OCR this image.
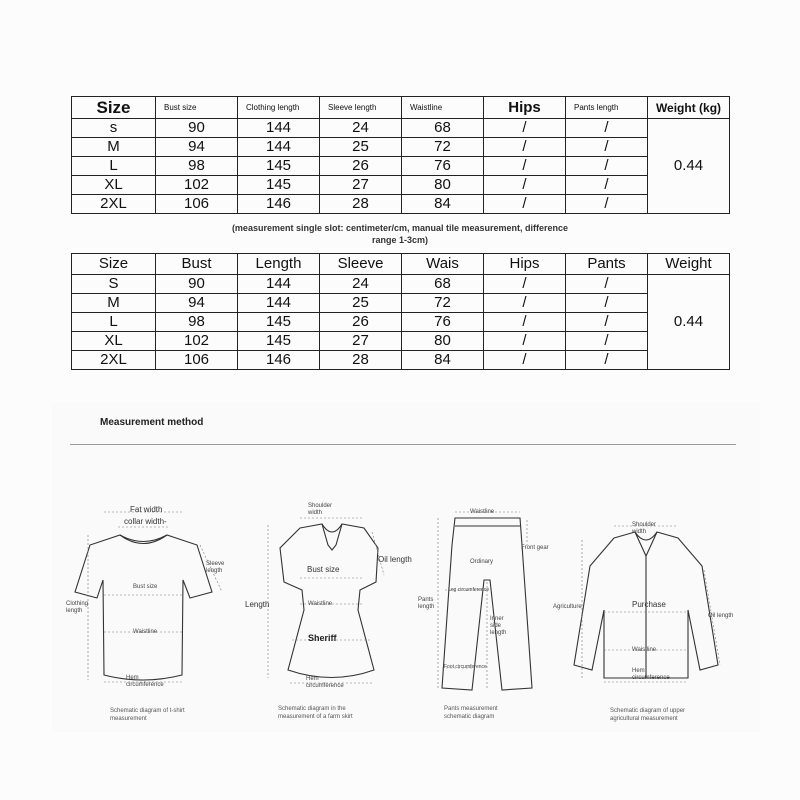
Size	Bust size	Clothing length	Sleeve length	Waistline	Hips	Pants length	Weight (kg)
s	90	144	24	68	/	/	0.44
M	94	144	25	72	/	/	
L	98	145	26	76	/	/	
XL	102	145	27	80	/	/	
2XL	106	146	28	84	/	/	
(measurement single slot: centimeter/cm, manual tile measurement, difference range 1-3cm)
Size	Bust	Length	Sleeve	Wais	Hips	Pants	Weight
S	90	144	24	68	/	/	0.44
M	94	144	25	72	/	/	
L	98	145	26	76	/	/	
XL	102	145	27	80	/	/	
2XL	106	146	28	84	/	/	
Measurement method
Fat width
collar width-
Sleeve length
Bust size
Clothing length
Waistline
Hem circumference
Schematic diagram of t-shirt measurement
Shoulder width
Oil length
Bust size
Length	Waistline
Sheriff
Hem circumference
Schematic diagram in the measurement of a farm skirt
Waistline
Front gear
Ordinary
Pants length
Leg circumference
Inner side length
Foot circumference
Pants measurement schematic diagram
Shoulder width
Agriculture	Purchase
Oil length
Waistline
Hem circumference
Schematic diagram of upper agricultural measurement
